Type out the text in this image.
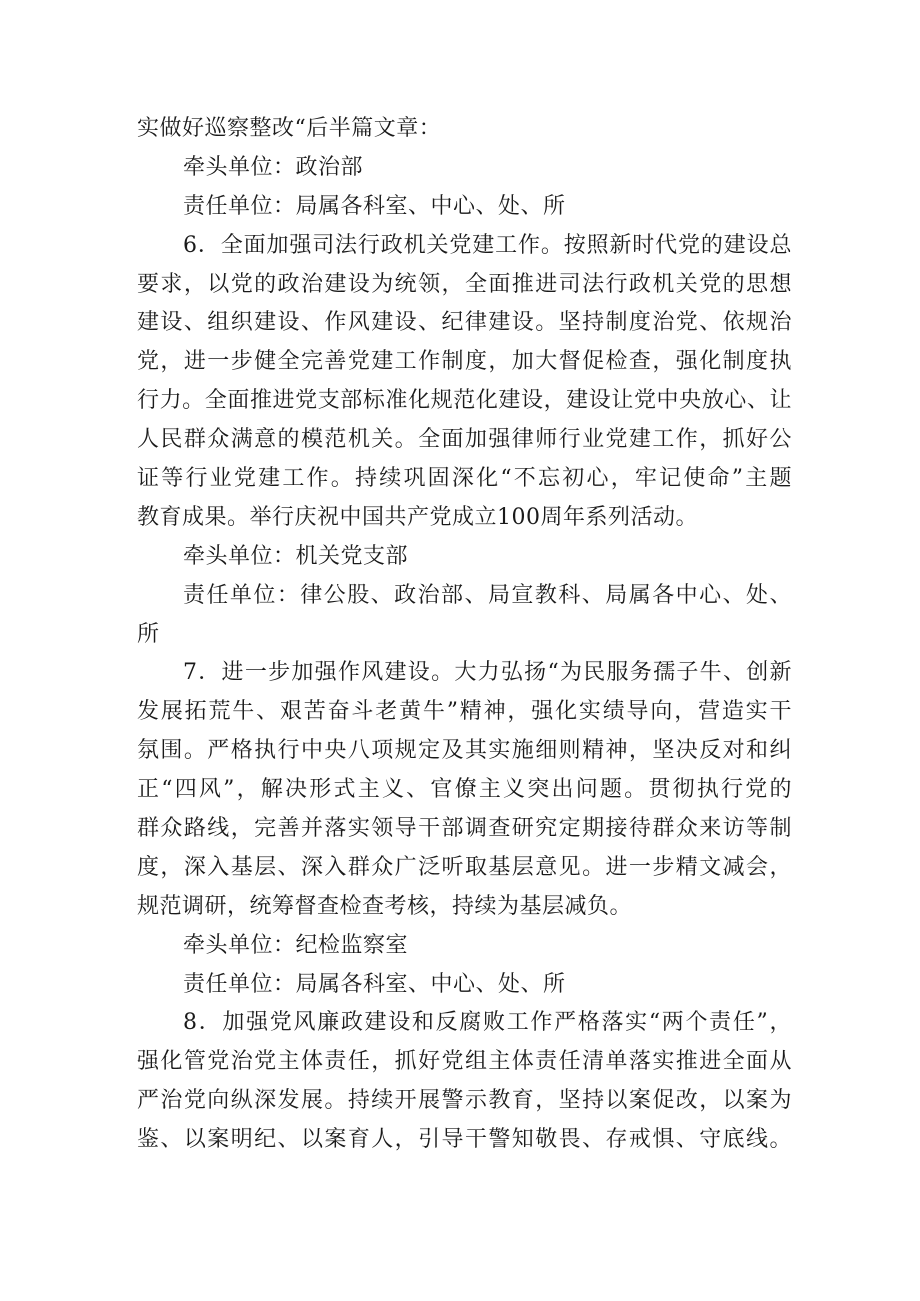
实做好巡察整改“后半篇文章：
牵头单位：政治部
责任单位：局属各科室、中心、处、所
6．全面加强司法行政机关党建工作。按照新时代党的建设总
要求，以党的政治建设为统领，全面推进司法行政机关党的思想
建设、组织建设、作风建设、纪律建设。坚持制度治党、依规治
党，进一步健全完善党建工作制度，加大督促检查，强化制度执
行力。全面推进党支部标准化规范化建设，建设让党中央放心、让
人民群众满意的模范机关。全面加强律师行业党建工作，抓好公
证等行业党建工作。持续巩固深化“不忘初心，牢记使命”主题
教育成果。举行庆祝中国共产党成立100周年系列活动。
牵头单位：机关党支部
责任单位：律公股、政治部、局宣教科、局属各中心、处、
所
7．进一步加强作风建设。大力弘扬“为民服务孺子牛、创新
发展拓荒牛、艰苦奋斗老黄牛”精神，强化实绩导向，营造实干
氛围。严格执行中央八项规定及其实施细则精神，坚决反对和纠
正“四风”，解决形式主义、官僚主义突出问题。贯彻执行党的
群众路线，完善并落实领导干部调查研究定期接待群众来访等制
度，深入基层、深入群众广泛听取基层意见。进一步精文减会，
规范调研，统筹督查检查考核，持续为基层减负。
牵头单位：纪检监察室
责任单位：局属各科室、中心、处、所
8．加强党风廉政建设和反腐败工作严格落实“两个责任”，
强化管党治党主体责任，抓好党组主体责任清单落实推进全面从
严治党向纵深发展。持续开展警示教育，坚持以案促改，以案为
鉴、以案明纪、以案育人，引导干警知敬畏、存戒惧、守底线。
